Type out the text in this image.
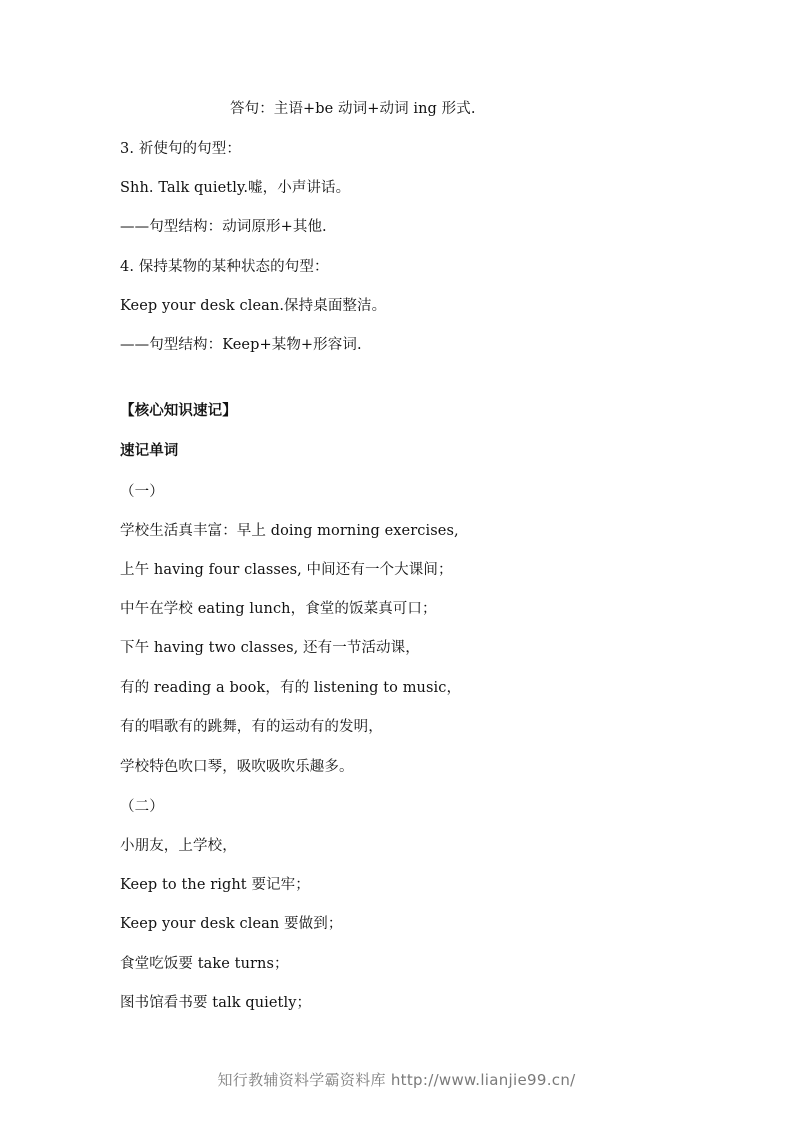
答句：主语+be 动词+动词 ing 形式.
3. 祈使句的句型：
Shh. Talk quietly.嘘，小声讲话。
——句型结构：动词原形+其他.
4. 保持某物的某种状态的句型：
Keep your desk clean.保持桌面整洁。
——句型结构：Keep+某物+形容词.
【核心知识速记】
速记单词
（一）
学校生活真丰富：早上 doing morning exercises,
上午 having four classes, 中间还有一个大课间；
中午在学校 eating lunch，食堂的饭菜真可口；
下午 having two classes, 还有一节活动课，
有的 reading a book，有的 listening to music，
有的唱歌有的跳舞，有的运动有的发明，
学校特色吹口琴，吸吹吸吹乐趣多。
（二）
小朋友，上学校，
Keep to the right 要记牢；
Keep your desk clean 要做到；
食堂吃饭要 take turns；
图书馆看书要 talk quietly；
知行教辅资料学霸资料库 http://www.lianjie99.cn/
